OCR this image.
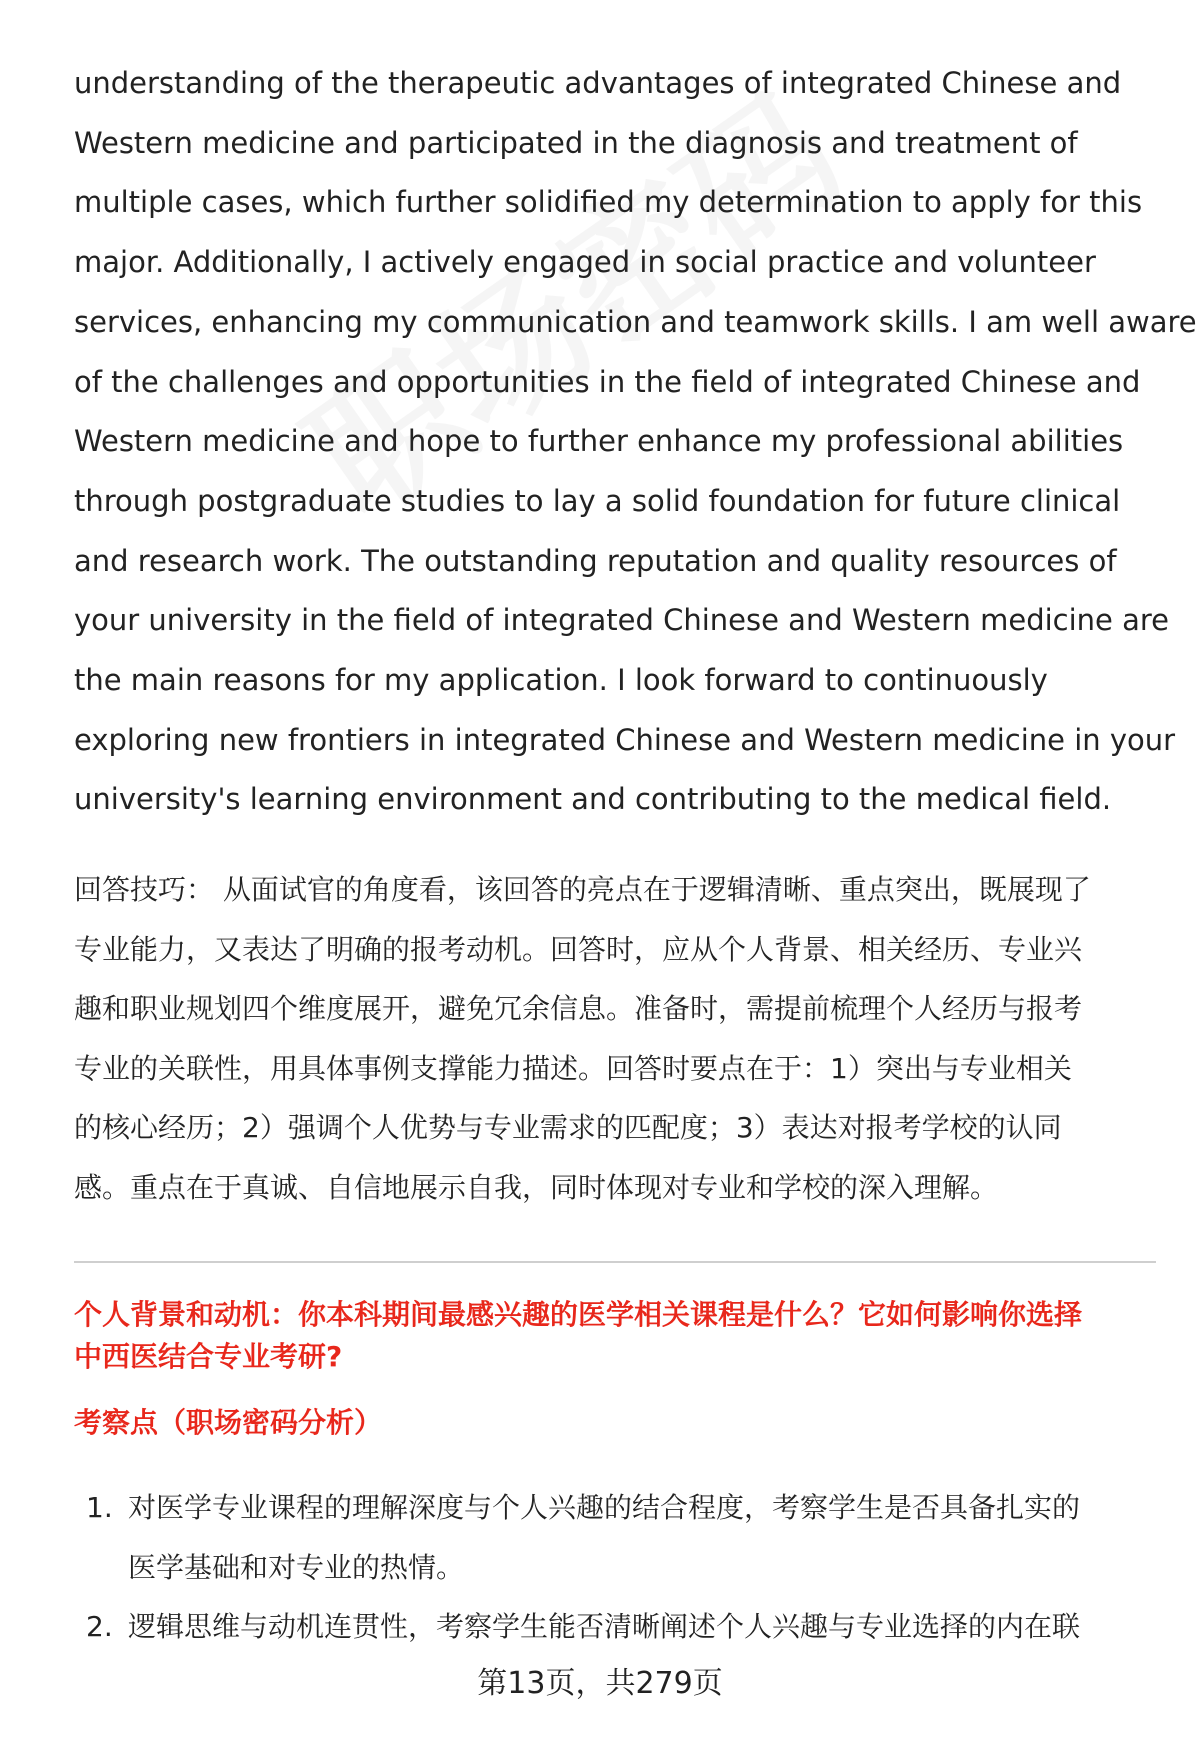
understanding of the therapeutic advantages of integrated Chinese and
Western medicine and participated in the diagnosis and treatment of
multiple cases, which further solidified my determination to apply for this
major. Additionally, I actively engaged in social practice and volunteer
services, enhancing my communication and teamwork skills. I am well aware
of the challenges and opportunities in the field of integrated Chinese and
Western medicine and hope to further enhance my professional abilities
through postgraduate studies to lay a solid foundation for future clinical
and research work. The outstanding reputation and quality resources of
your university in the field of integrated Chinese and Western medicine are
the main reasons for my application. I look forward to continuously
exploring new frontiers in integrated Chinese and Western medicine in your
university's learning environment and contributing to the medical field.
回答技巧： 从面试官的角度看，该回答的亮点在于逻辑清晰、重点突出，既展现了
专业能力，又表达了明确的报考动机。回答时，应从个人背景、相关经历、专业兴
趣和职业规划四个维度展开，避免冗余信息。准备时，需提前梳理个人经历与报考
专业的关联性，用具体事例支撑能力描述。回答时要点在于：1）突出与专业相关
的核心经历；2）强调个人优势与专业需求的匹配度；3）表达对报考学校的认同
感。重点在于真诚、自信地展示自我，同时体现对专业和学校的深入理解。
个人背景和动机：你本科期间最感兴趣的医学相关课程是什么？它如何影响你选择
中西医结合专业考研?
考察点（职场密码分析）
1. 对医学专业课程的理解深度与个人兴趣的结合程度，考察学生是否具备扎实的
医学基础和对专业的热情。
2. 逻辑思维与动机连贯性，考察学生能否清晰阐述个人兴趣与专业选择的内在联
第13页，共279页
